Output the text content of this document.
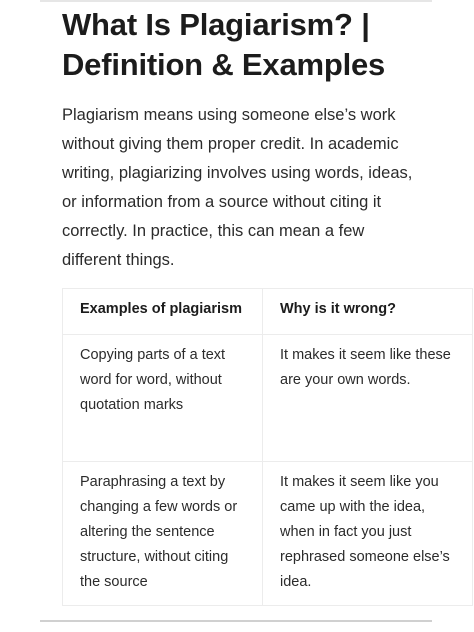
What Is Plagiarism? | Definition & Examples

Plagiarism means using someone else’s work without giving them proper credit. In academic writing, plagiarizing involves using words, ideas, or information from a source without citing it correctly. In practice, this can mean a few different things.

Examples of plagiarism	Why is it wrong?
Copying parts of a text word for word, without quotation marks	It makes it seem like these are your own words.
Paraphrasing a text by changing a few words or altering the sentence structure, without citing the source	It makes it seem like you came up with the idea, when in fact you just rephrased someone else’s idea.
